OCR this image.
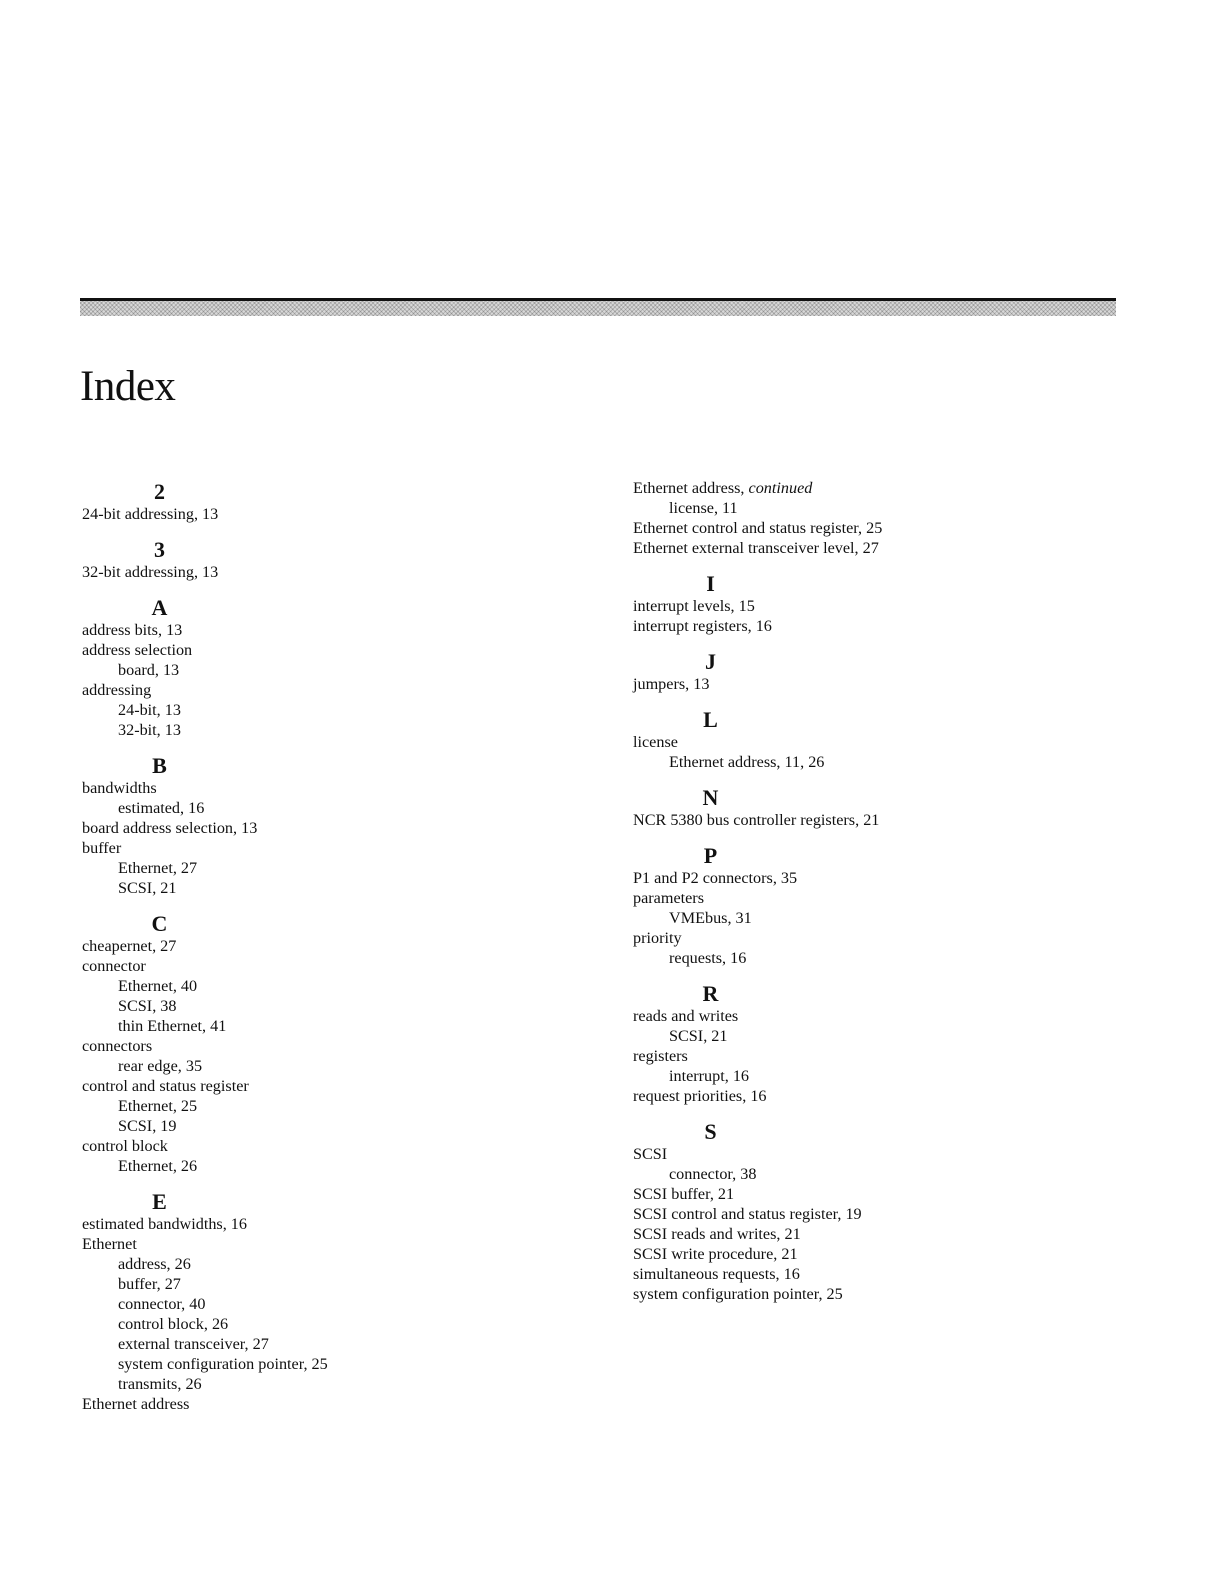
Index
2
24-bit addressing, 13
3
32-bit addressing, 13
A
address bits, 13
address selection
board, 13
addressing
24-bit, 13
32-bit, 13
B
bandwidths
estimated, 16
board address selection, 13
buffer
Ethernet, 27
SCSI, 21
C
cheapernet, 27
connector
Ethernet, 40
SCSI, 38
thin Ethernet, 41
connectors
rear edge, 35
control and status register
Ethernet, 25
SCSI, 19
control block
Ethernet, 26
E
estimated bandwidths, 16
Ethernet
address, 26
buffer, 27
connector, 40
control block, 26
external transceiver, 27
system configuration pointer, 25
transmits, 26
Ethernet address
Ethernet address, continued
license, 11
Ethernet control and status register, 25
Ethernet external transceiver level, 27
I
interrupt levels, 15
interrupt registers, 16
J
jumpers, 13
L
license
Ethernet address, 11, 26
N
NCR 5380 bus controller registers, 21
P
P1 and P2 connectors, 35
parameters
VMEbus, 31
priority
requests, 16
R
reads and writes
SCSI, 21
registers
interrupt, 16
request priorities, 16
S
SCSI
connector, 38
SCSI buffer, 21
SCSI control and status register, 19
SCSI reads and writes, 21
SCSI write procedure, 21
simultaneous requests, 16
system configuration pointer, 25
